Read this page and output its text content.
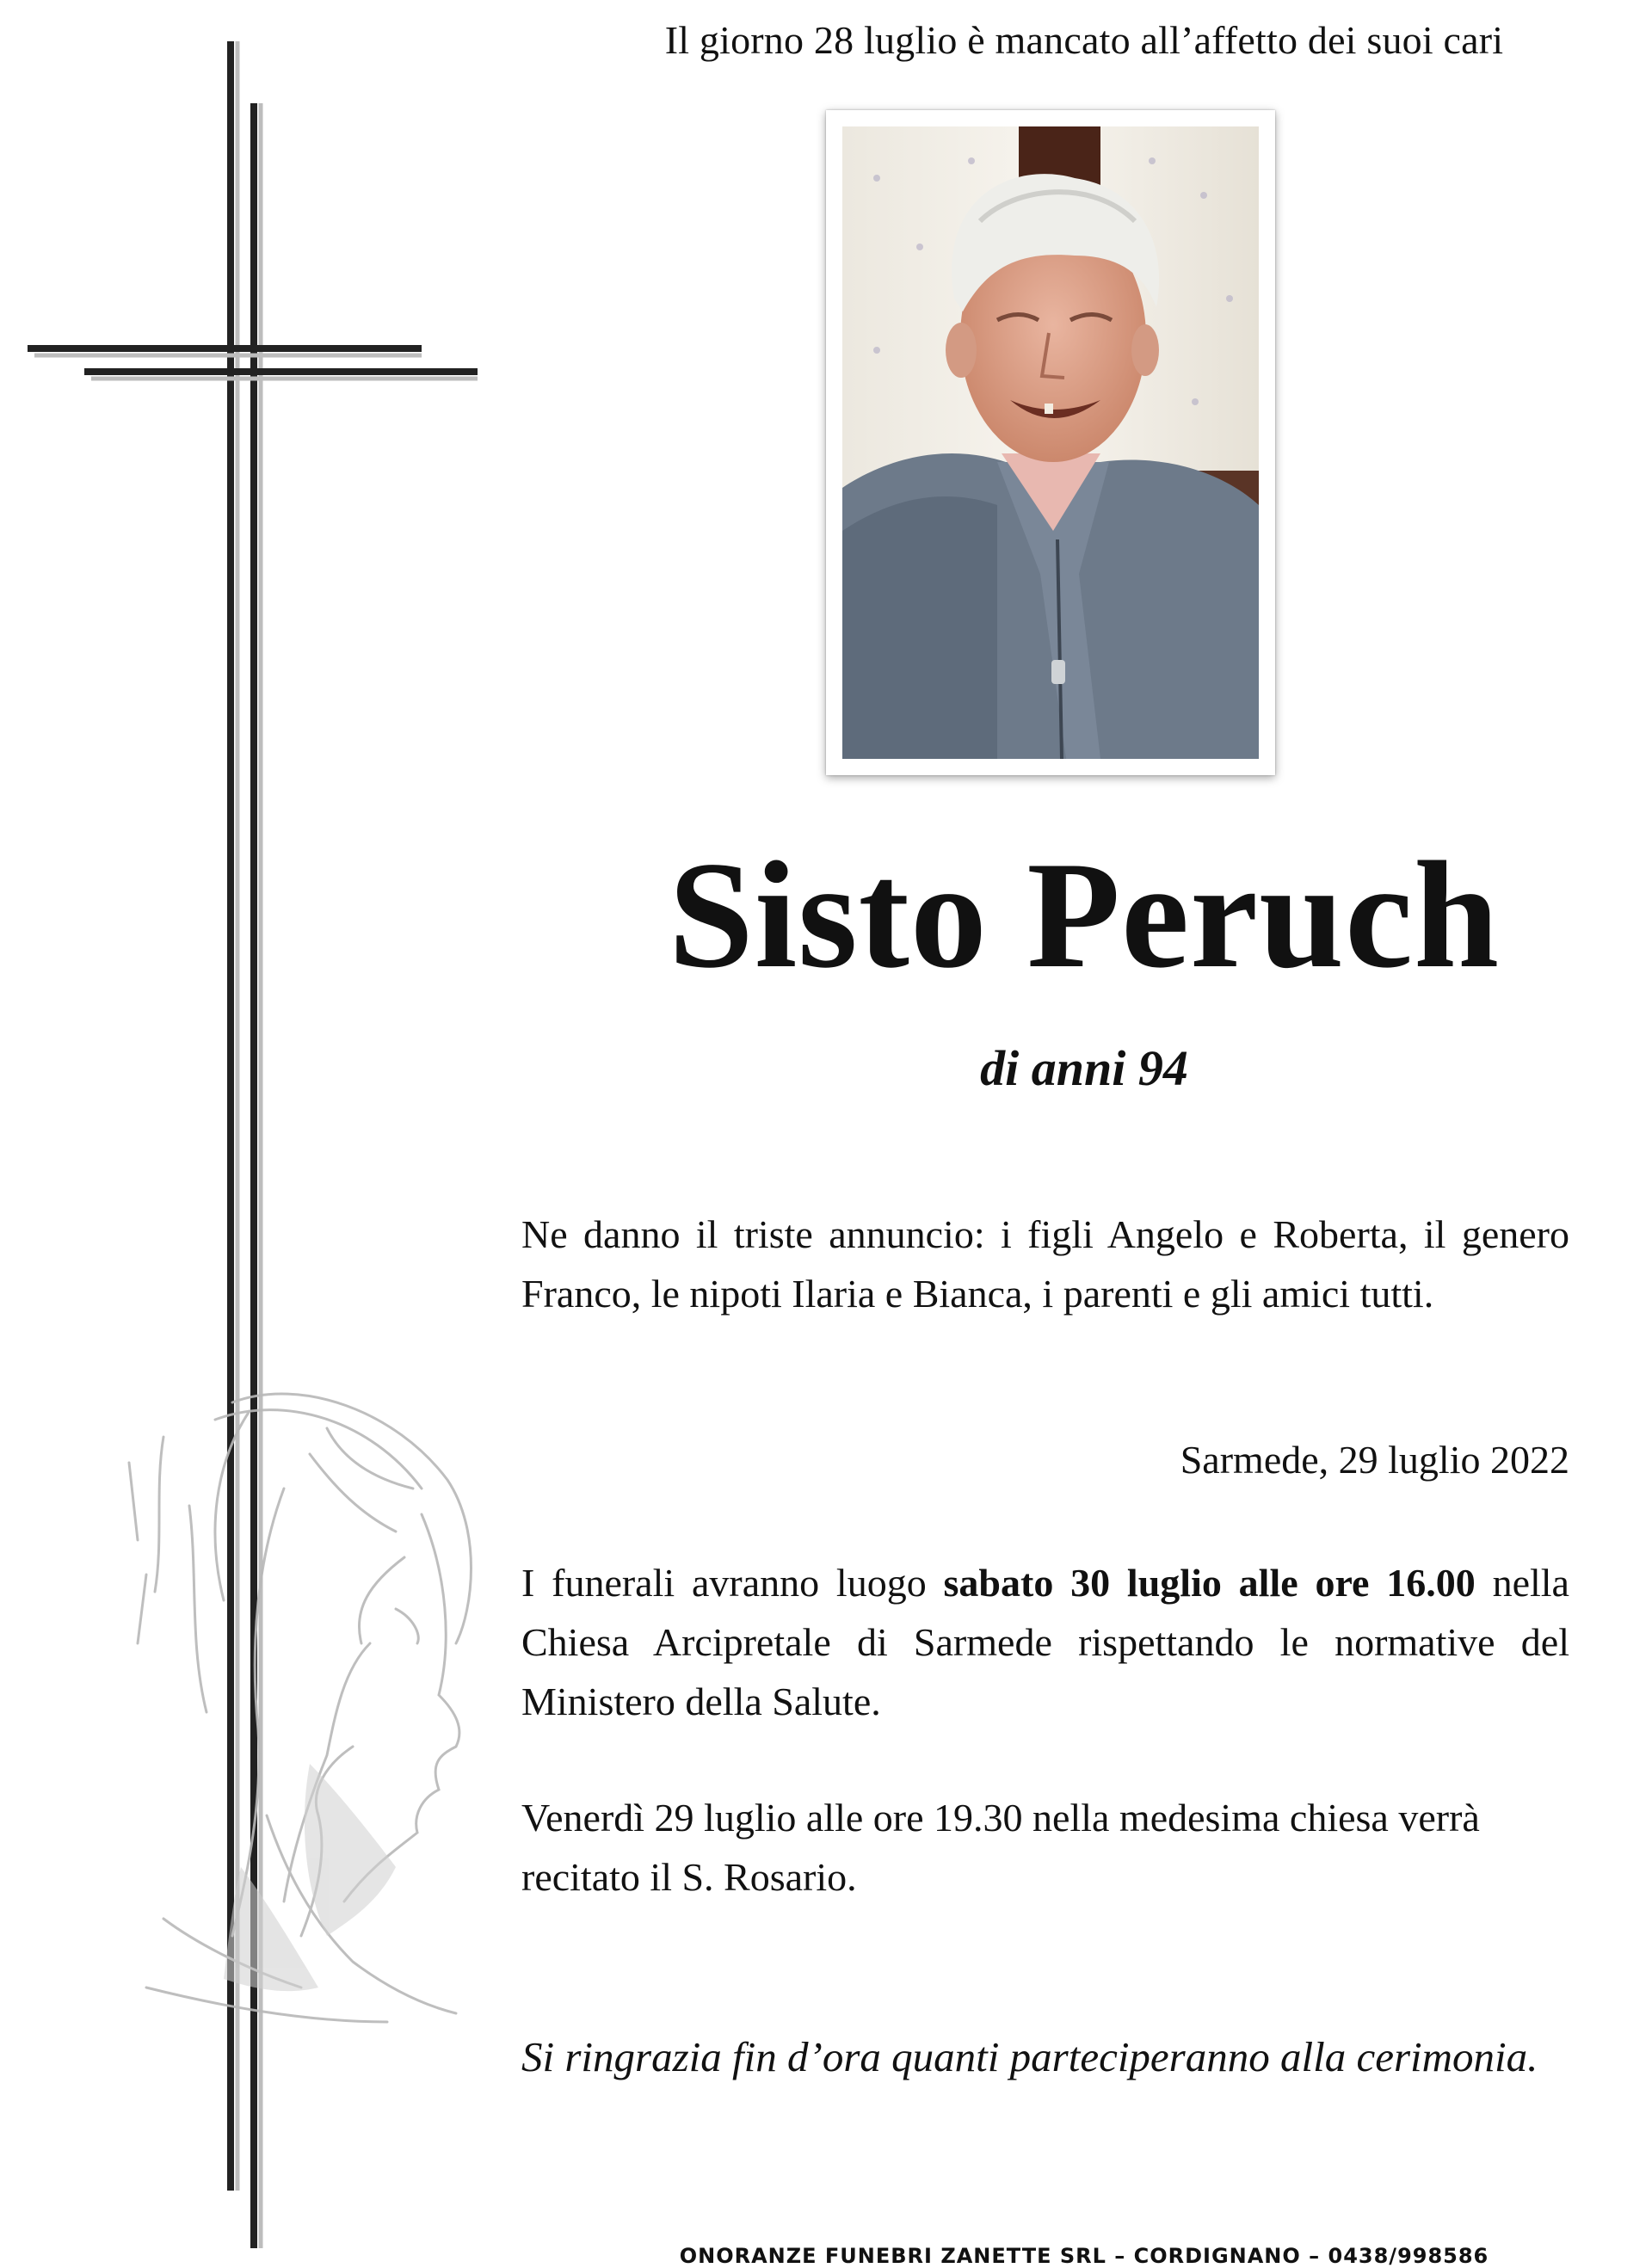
Il giorno 28 luglio è mancato all’affetto dei suoi cari
Sisto Peruch
di anni 94
Ne danno il triste annuncio: i figli Angelo e Roberta, il genero Franco, le nipoti Ilaria e Bianca, i parenti e gli amici tutti.
Sarmede, 29 luglio 2022
I funerali avranno luogo sabato 30 luglio alle ore 16.00 nella Chiesa Arcipretale di Sarmede rispettando le normative del Ministero della Salute.
Venerdì 29 luglio alle ore 19.30 nella medesima chiesa verrà recitato il S. Rosario.
Si ringrazia fin d’ora quanti parteciperanno alla cerimonia.
ONORANZE FUNEBRI ZANETTE SRL – CORDIGNANO – 0438/998586
